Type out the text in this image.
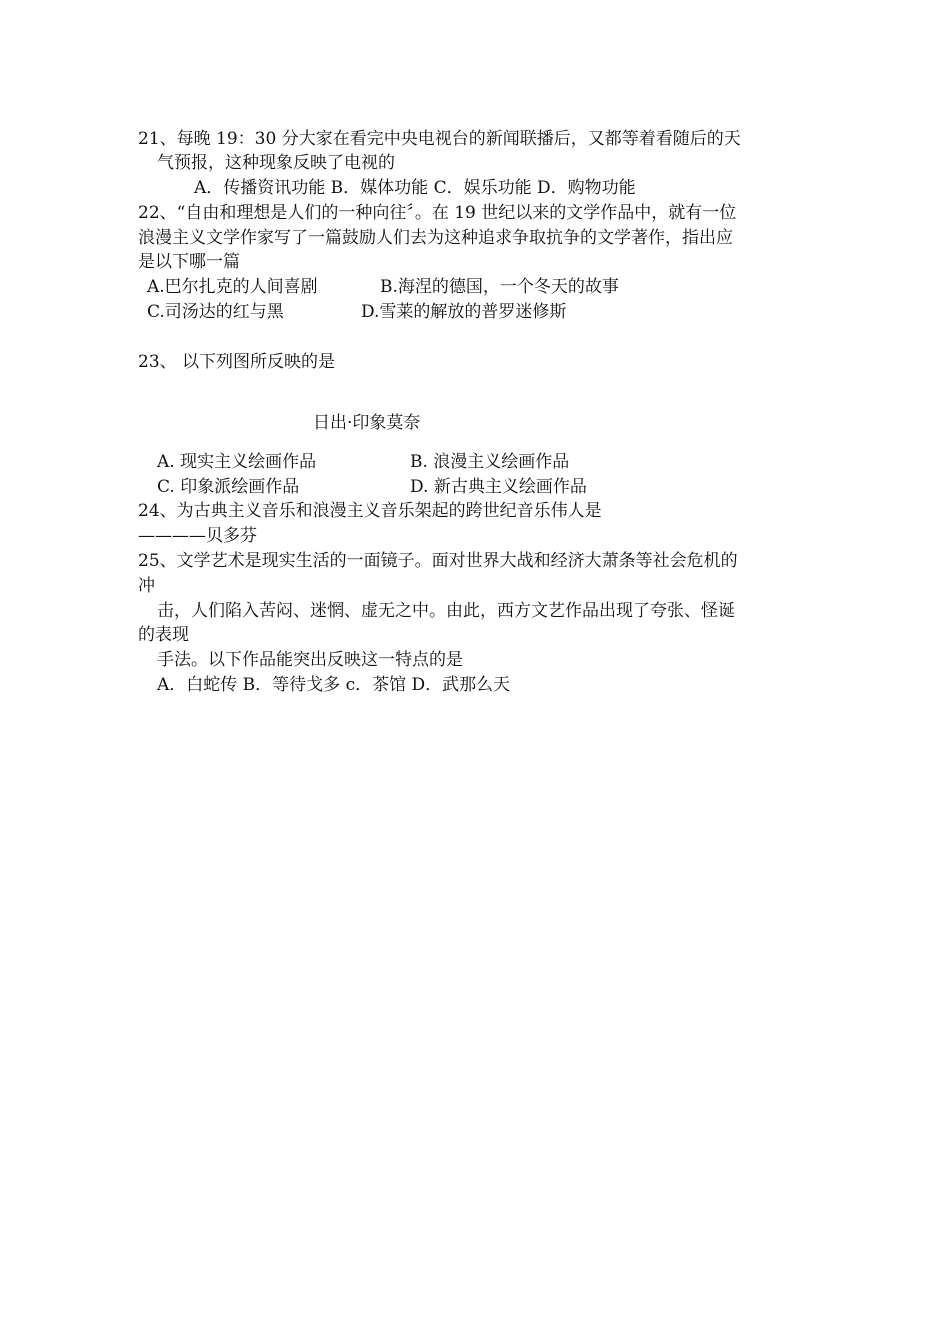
21、每晚 19：30 分大家在看完中央电视台的新闻联播后，又都等着看随后的天
气预报，这种现象反映了电视的
A．传播资讯功能 B．媒体功能 C．娱乐功能 D．购物功能
22、“自由和理想是人们的一种向往〞。在 19 世纪以来的文学作品中，就有一位
浪漫主义文学作家写了一篇鼓励人们去为这种追求争取抗争的文学著作，指出应
是以下哪一篇
A.巴尔扎克的人间喜剧	B.海涅的德国，一个冬天的故事
C.司汤达的红与黑	D.雪莱的解放的普罗迷修斯
23、 以下列图所反映的是
日出·印象莫奈
A. 现实主义绘画作品	B. 浪漫主义绘画作品
C. 印象派绘画作品	D. 新古典主义绘画作品
24、为古典主义音乐和浪漫主义音乐架起的跨世纪音乐伟人是
————贝多芬
25、文学艺术是现实生活的一面镜子。面对世界大战和经济大萧条等社会危机的
冲
击，人们陷入苦闷、迷惘、虚无之中。由此，西方文艺作品出现了夸张、怪诞
的表现
手法。以下作品能突出反映这一特点的是
A．白蛇传 B．等待戈多 c．茶馆 D．武那么天
